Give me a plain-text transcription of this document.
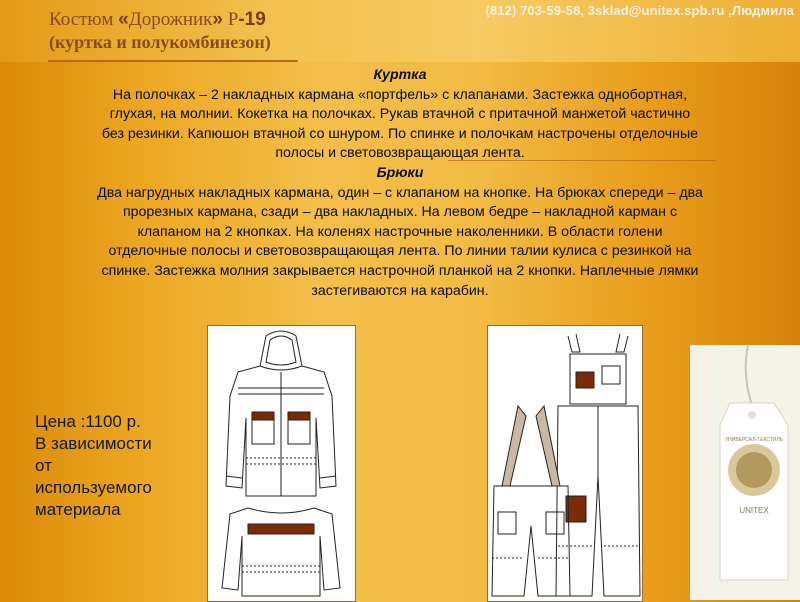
Костюм «Дорожник» Р-19
(куртка и полукомбинезон)
(812) 703-59-58, 3sklad@unitex.spb.ru ,Людмила
Куртка
На полочках – 2 накладных кармана «портфель» с клапанами. Застежка однобортная,
глухая, на молнии. Кокетка на полочках. Рукав втачной с притачной манжетой частично
без резинки. Капюшон втачной со шнуром. По спинке и полочкам настрочены отделочные
полосы и световозвращающая лента.
Брюки
Два нагрудных накладных кармана, один – с клапаном на кнопке. На брюках спереди – два
прорезных кармана, сзади – два накладных. На левом бедре – накладной карман с
клапаном на 2 кнопках. На коленях настрочные наколенники. В области голени
отделочные полосы и световозвращающая лента. По линии талии кулиса с резинкой на
спинке. Застежка молния закрывается настрочной планкой на 2 кнопки. Наплечные лямки
застегиваются на карабин.
Цена :1100 р.
В зависимости
от
используемого
материала	UNITEX
УНИВЕРСАЛ-ТЕКСТИЛЬ
